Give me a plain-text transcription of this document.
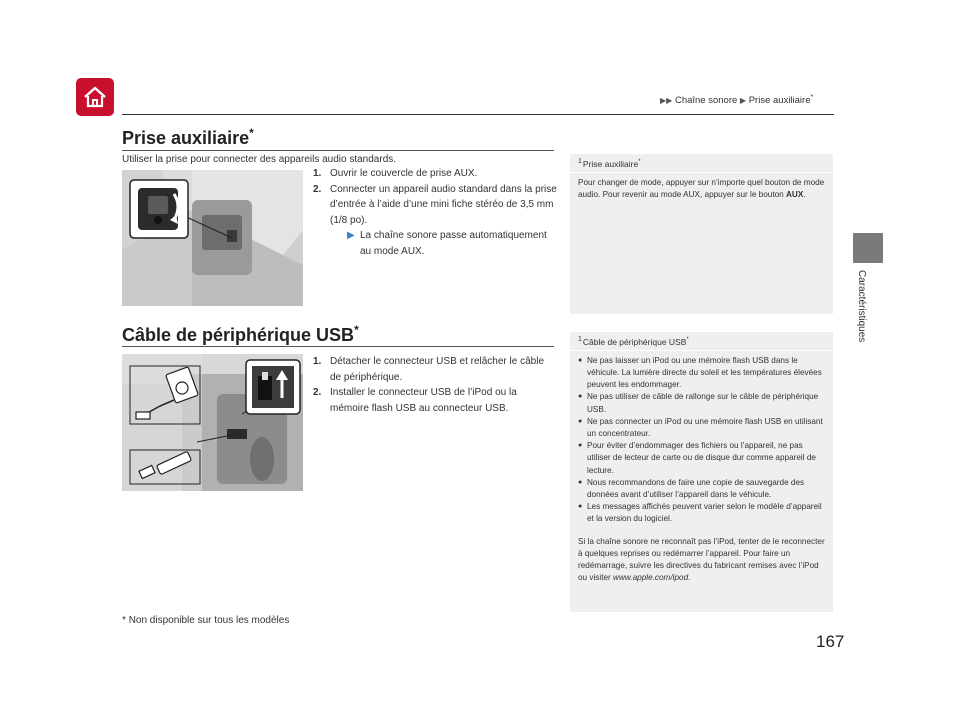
▶▶ Chaîne sonore ▶ Prise auxiliaire*
Caractéristiques
Prise auxiliaire*
Utiliser la prise pour connecter des appareils audio standards.
1. Ouvrir le couvercle de prise AUX.
2. Connecter un appareil audio standard dans la prise d’entrée à l’aide d’une mini fiche stéréo de 3,5 mm (1/8 po).
▶ La chaîne sonore passe automatiquement au mode AUX.
$^1$Prise auxiliaire*
Pour changer de mode, appuyer sur n’importe quel bouton de mode audio. Pour revenir au mode AUX, appuyer sur le bouton AUX.
Câble de périphérique USB*
1. Détacher le connecteur USB et relâcher le câble de périphérique.
2. Installer le connecteur USB de l’iPod ou la mémoire flash USB au connecteur USB.
$^1$Câble de périphérique USB*
● Ne pas laisser un iPod ou une mémoire flash USB dans le véhicule. La lumière directe du soleil et les températures élevées peuvent les endommager.
● Ne pas utiliser de câble de rallonge sur le câble de périphérique USB.
● Ne pas connecter un iPod ou une mémoire flash USB en utilisant un concentrateur.
● Pour éviter d’endommager des fichiers ou l’appareil, ne pas utiliser de lecteur de carte ou de disque dur comme appareil de lecture.
● Nous recommandons de faire une copie de sauvegarde des données avant d’utiliser l’appareil dans le véhicule.
● Les messages affichés peuvent varier selon le modèle d’appareil et la version du logiciel.

Si la chaîne sonore ne reconnaît pas l’iPod, tenter de le reconnecter à quelques reprises ou redémarrer l’appareil. Pour faire un redémarrage, suivre les directives du fabricant remises avec l’iPod ou visiter www.apple.com/ipod.

* Non disponible sur tous les modèles
167
